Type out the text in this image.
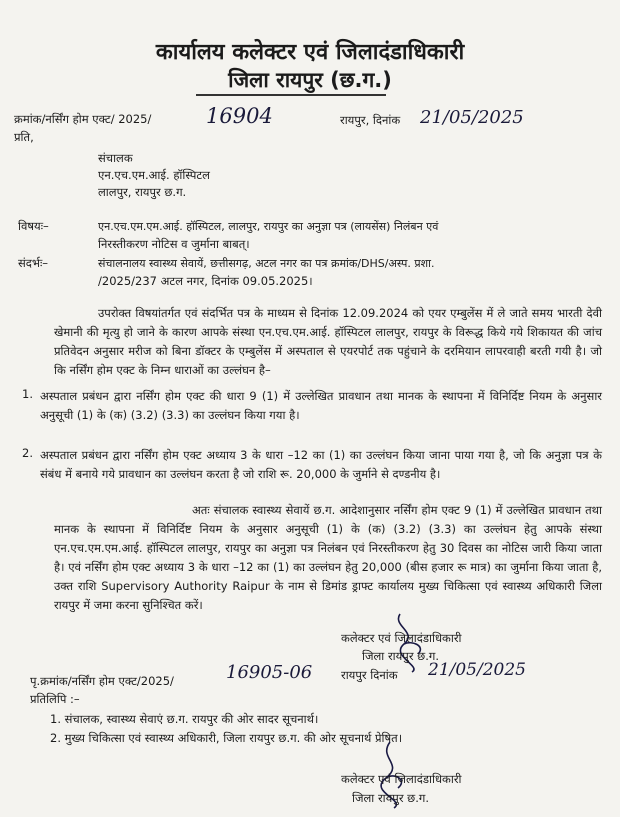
कार्यालय कलेक्टर एवं जिलादंडाधिकारी
जिला रायपुर (छ.ग.)
क्रमांक/नर्सिंग होम एक्ट/ 2025/	16904	रायपुर, दिनांक 21/05/2025
प्रति,
संचालक
एन.एच.एम.आई. हॉस्पिटल
लालपुर, रायपुर छ.ग.
विषयः–	एन.एच.एम.एम.आई. हॉस्पिटल, लालपुर, रायपुर का अनुज्ञा पत्र (लायसेंस) निलंबन एवं
निरस्तीकरण नोटिस व जुर्माना बाबत्।
संदर्भः–	संचालनालय स्वास्थ्य सेवायें, छत्तीसगढ़, अटल नगर का पत्र क्रमांक/DHS/अस्प. प्रशा.
/2025/237 अटल नगर, दिनांक 09.05.2025।
उपरोक्त विषयांतर्गत एवं संदर्भित पत्र के माध्यम से दिनांक 12.09.2024 को एयर एम्बुलेंस में ले जाते समय भारती देवी खेमानी की मृत्यु हो जाने के कारण आपके संस्था एन.एच.एम.आई. हॉस्पिटल लालपुर, रायपुर के विरूद्ध किये गये शिकायत की जांच प्रतिवेदन अनुसार मरीज को बिना डॉक्टर के एम्बुलेंस में अस्पताल से एयरपोर्ट तक पहुंचाने के दरमियान लापरवाही बरती गयी है। जो कि नर्सिंग होम एक्ट के निम्न धाराओं का उल्लंघन है–
1. अस्पताल प्रबंधन द्वारा नर्सिंग होम एक्ट की धारा 9 (1) में उल्लेखित प्रावधान तथा मानक के स्थापना में विनिर्दिष्ट नियम के अनुसार अनुसूची (1) के (क) (3.2) (3.3) का उल्लंघन किया गया है।
2. अस्पताल प्रबंधन द्वारा नर्सिंग होम एक्ट अध्याय 3 के धारा –12 का (1) का उल्लंघन किया जाना पाया गया है, जो कि अनुज्ञा पत्र के संबंध में बनाये गये प्रावधान का उल्लंघन करता है जो राशि रू. 20,000 के जुर्माने से दण्डनीय है।
अतः संचालक स्वास्थ्य सेवायें छ.ग. आदेशानुसार नर्सिंग होम एक्ट 9 (1) में उल्लेखित प्रावधान तथा मानक के स्थापना में विनिर्दिष्ट नियम के अनुसार अनुसूची (1) के (क) (3.2) (3.3) का उल्लंघन हेतु आपके संस्था एन.एच.एम.एम.आई. हॉस्पिटल लालपुर, रायपुर का अनुज्ञा पत्र निलंबन एवं निरस्तीकरण हेतु 30 दिवस का नोटिस जारी किया जाता है। एवं नर्सिंग होम एक्ट अध्याय 3 के धारा –12 का (1) का उल्लंघन हेतु 20,000 (बीस हजार रू मात्र) का जुर्माना किया जाता है, उक्त राशि Supervisory Authority Raipur के नाम से डिमांड ड्राफ्ट कार्यालय मुख्य चिकित्सा एवं स्वास्थ्य अधिकारी जिला रायपुर में जमा करना सुनिश्चित करें।
कलेक्टर एवं जिलादंडाधिकारी
जिला रायपुर छ.ग.
पृ.क्रमांक/नर्सिंग होम एक्ट/2025/	16905-06	रायपुर दिनांक 21/05/2025
प्रतिलिपि :–
1. संचालक, स्वास्थ्य सेवाएं छ.ग. रायपुर की ओर सादर सूचनार्थ।
2. मुख्य चिकित्सा एवं स्वास्थ्य अधिकारी, जिला रायपुर छ.ग. की ओर सूचनार्थ प्रेषित।
कलेक्टर एवं जिलादंडाधिकारी
जिला रायपुर छ.ग.
